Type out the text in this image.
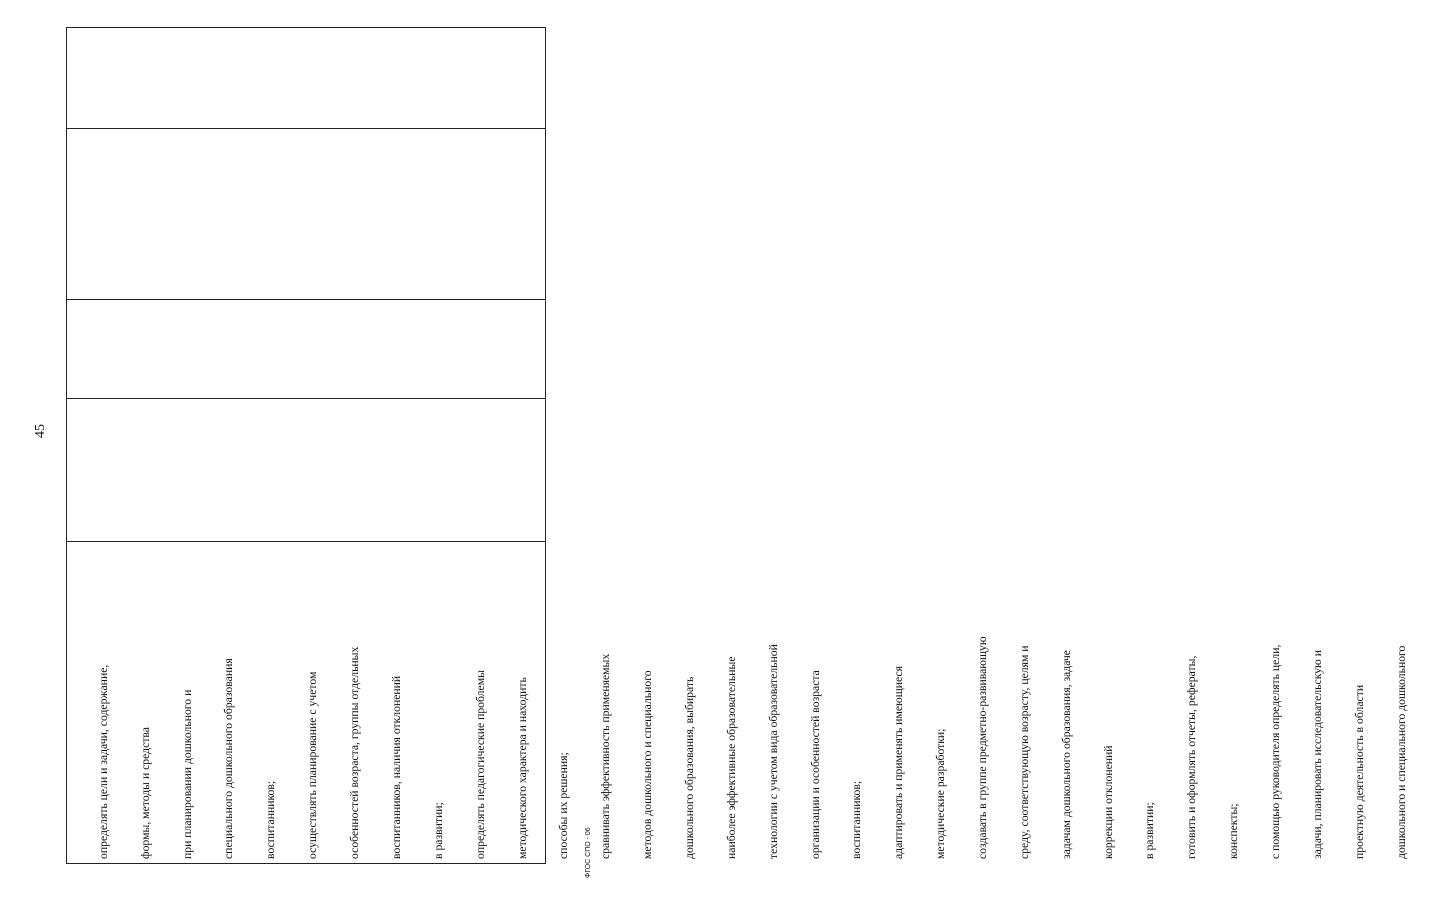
45

определять цели и задачи, содержание,

формы, методы и средства

при планировании дошкольного и

специального дошкольного образования

воспитанников;

осуществлять планирование с учетом

особенностей возраста, группы отдельных

воспитанников, наличия отклонений

в развитии;

определять педагогические проблемы

методического характера и находить

способы их решения;

сравнивать эффективность применяемых

методов дошкольного и специального

дошкольного образования, выбирать

наиболее эффективные образовательные

технологии с учетом вида образовательной

организации и особенностей возраста

воспитанников;

адаптировать и применять имеющиеся

методические разработки;

создавать в группе предметно-развивающую

среду, соответствующую возрасту, целям и

задачам дошкольного образования, задаче

коррекции отклонений

в развитии;

готовить и оформлять отчеты, рефераты,

конспекты;

с помощью руководителя определять цели,

задачи, планировать исследовательскую и

проектную деятельность в области

дошкольного и специального дошкольного

ФГОС СПО - 06
